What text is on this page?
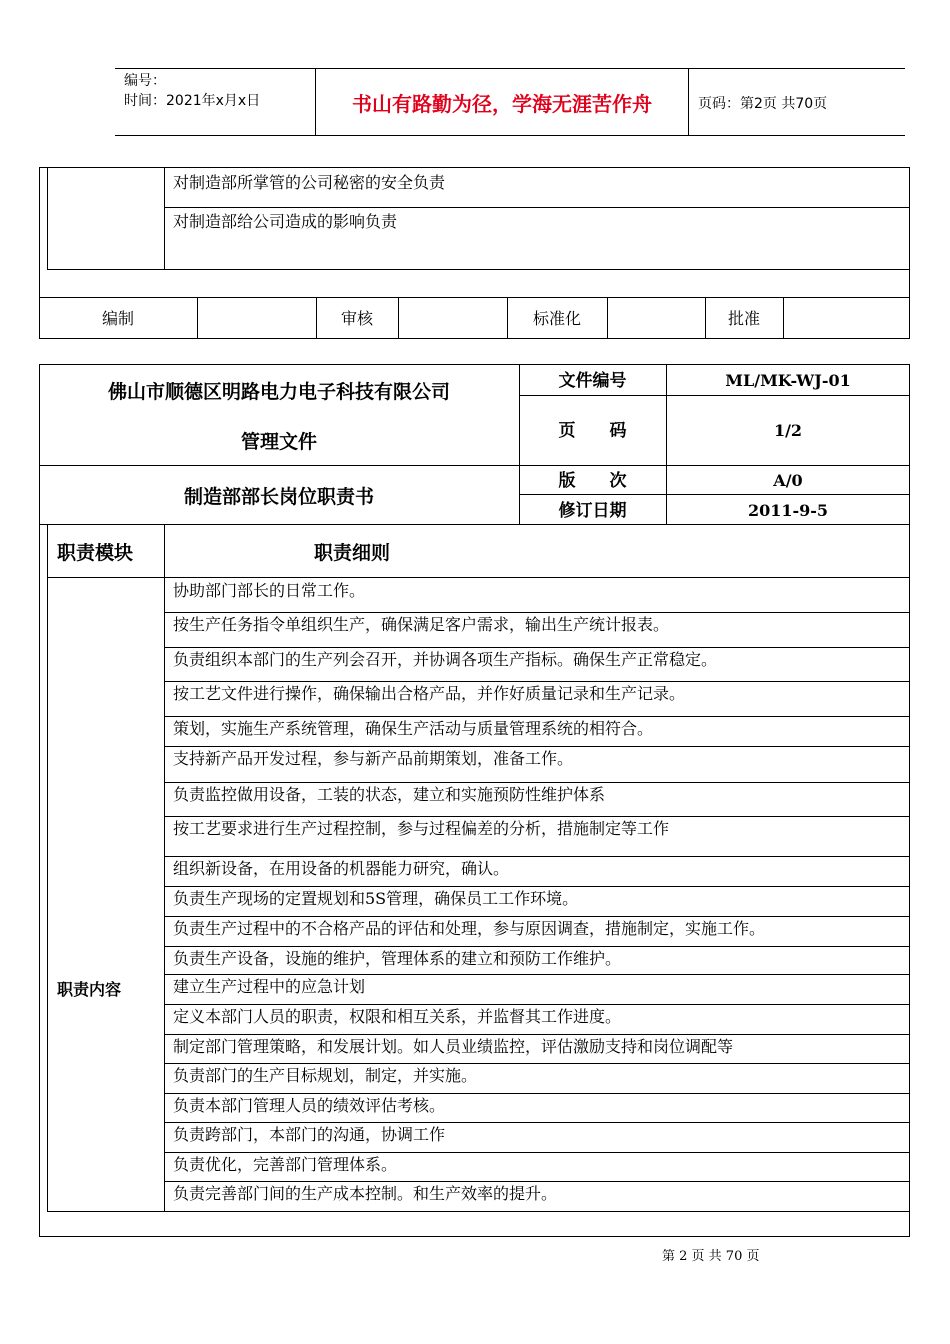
编号：
时间：2021年x月x日	书山有路勤为径，学海无涯苦作舟	页码：第2页 共70页
对制造部所掌管的公司秘密的安全负责
对制造部给公司造成的影响负责
编制	审核	标准化	批准
佛山市顺德区明路电力电子科技有限公司
管理文件
制造部部长岗位职责书
文件编号	ML/MK-WJ-01
页　　码	1/2
版　　次	A/0
修订日期	2011-9-5
职责模块	职责细则
职责内容
协助部门部长的日常工作。
按生产任务指令单组织生产，确保满足客户需求，输出生产统计报表。
负责组织本部门的生产列会召开，并协调各项生产指标。确保生产正常稳定。
按工艺文件进行操作，确保输出合格产品，并作好质量记录和生产记录。
策划，实施生产系统管理，确保生产活动与质量管理系统的相符合。
支持新产品开发过程，参与新产品前期策划，准备工作。
负责监控做用设备，工装的状态，建立和实施预防性维护体系
按工艺要求进行生产过程控制，参与过程偏差的分析，措施制定等工作
组织新设备，在用设备的机器能力研究，确认。
负责生产现场的定置规划和5S管理，确保员工工作环境。
负责生产过程中的不合格产品的评估和处理，参与原因调查，措施制定，实施工作。
负责生产设备，设施的维护，管理体系的建立和预防工作维护。
建立生产过程中的应急计划
定义本部门人员的职责，权限和相互关系，并监督其工作进度。
制定部门管理策略，和发展计划。如人员业绩监控，评估激励支持和岗位调配等
负责部门的生产目标规划，制定，并实施。
负责本部门管理人员的绩效评估考核。
负责跨部门，本部门的沟通，协调工作
负责优化，完善部门管理体系。
负责完善部门间的生产成本控制。和生产效率的提升。
第 2 页 共 70 页
